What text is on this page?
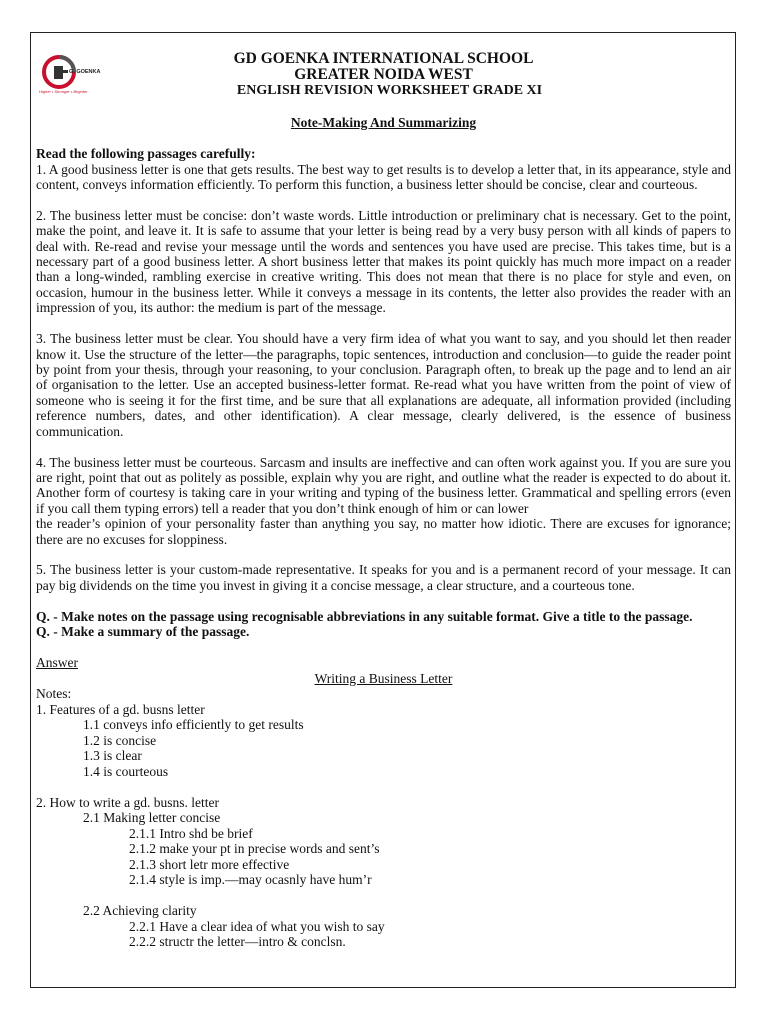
G. GOENKA
Higher • Stronger • Brighter

GD GOENKA INTERNATIONAL SCHOOL

GREATER NOIDA WEST

ENGLISH REVISION WORKSHEET GRADE XI

Note-Making And Summarizing

Read the following passages carefully:

1. A good business letter is one that gets results. The best way to get results is to develop a letter that, in its appearance, style and content, conveys information efficiently. To perform this function, a business letter should be concise, clear and courteous.

2. The business letter must be concise: don’t waste words. Little introduction or preliminary chat is necessary. Get to the point, make the point, and leave it. It is safe to assume that your letter is being read by a very busy person with all kinds of papers to deal with. Re-read and revise your message until the words and sentences you have used are precise. This takes time, but is a necessary part of a good business letter. A short business letter that makes its point quickly has much more impact on a reader than a long-winded, rambling exercise in creative writing. This does not mean that there is no place for style and even, on occasion, humour in the business letter. While it conveys a message in its contents, the letter also provides the reader with an impression of you, its author: the medium is part of the message.

3. The business letter must be clear. You should have a very firm idea of what you want to say, and you should let then reader know it. Use the structure of the letter—the paragraphs, topic sentences, introduction and conclusion—to guide the reader point by point from your thesis, through your reasoning, to your conclusion. Paragraph often, to break up the page and to lend an air of organisation to the letter. Use an accepted business-letter format. Re-read what you have written from the point of view of someone who is seeing it for the first time, and be sure that all explanations are adequate, all information provided (including reference numbers, dates, and other identification). A clear message, clearly delivered, is the essence of business communication.

4. The business letter must be courteous. Sarcasm and insults are ineffective and can often work against you. If you are sure you are right, point that out as politely as possible, explain why you are right, and outline what the reader is expected to do about it. Another form of courtesy is taking care in your writing and typing of the business letter. Grammatical and spelling errors (even if you call them typing errors) tell a reader that you don’t think enough of him or can lower

the reader’s opinion of your personality faster than anything you say, no matter how idiotic. There are excuses for ignorance; there are no excuses for sloppiness.

5. The business letter is your custom-made representative. It speaks for you and is a permanent record of your message. It can pay big dividends on the time you invest in giving it a concise message, a clear structure, and a courteous tone.

Q. - Make notes on the passage using recognisable abbreviations in any suitable format. Give a title to the passage.

Q. - Make a summary of the passage.

Answer

Writing a Business Letter

Notes:

1. Features of a gd. busns letter

1.1 conveys info efficiently to get results

1.2 is concise

1.3 is clear

1.4 is courteous

2. How to write a gd. busns. letter

2.1 Making letter concise

2.1.1 Intro shd be brief

2.1.2 make your pt in precise words and sent’s

2.1.3 short letr more effective

2.1.4 style is imp.—may ocasnly have hum’r

2.2 Achieving clarity

2.2.1 Have a clear idea of what you wish to say

2.2.2 structr the letter—intro & conclsn.
